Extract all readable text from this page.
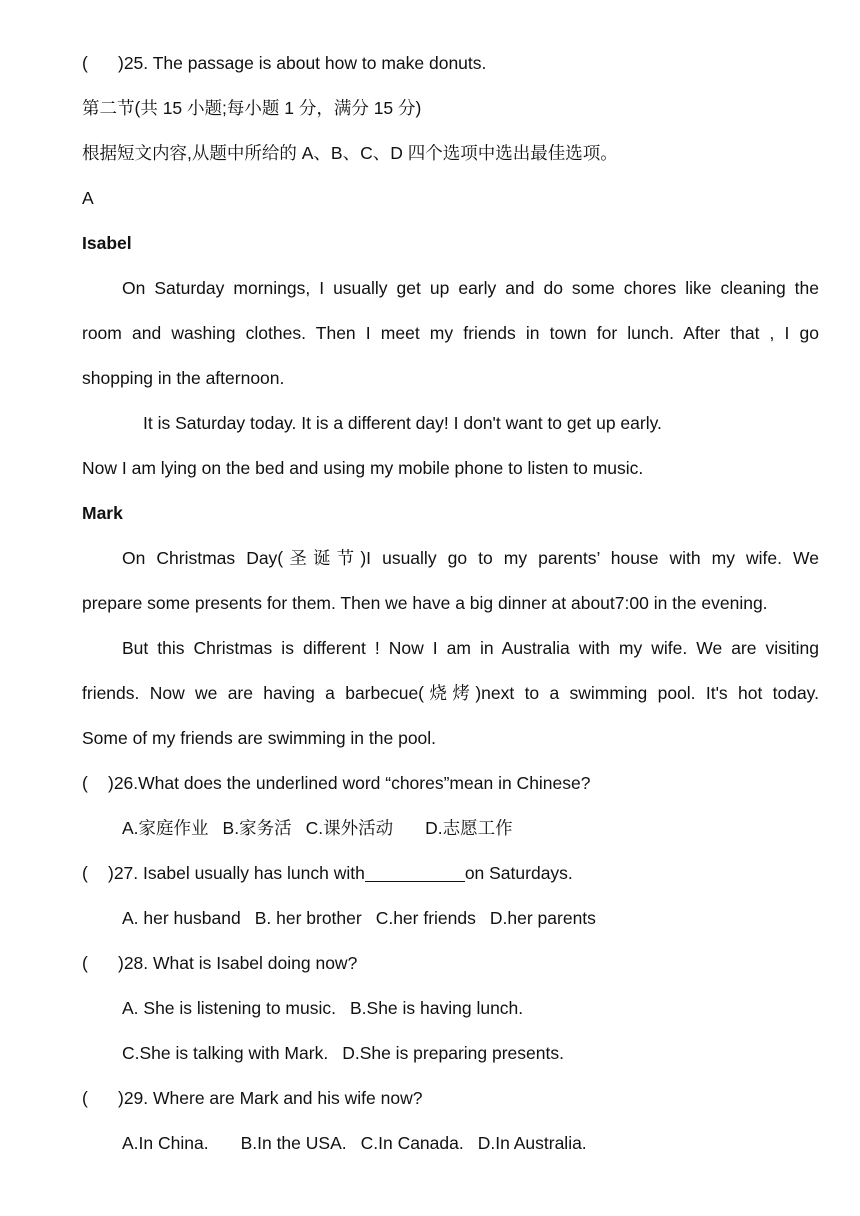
( )25. The passage is about how to make donuts.
第二节(共 15 小题;每小题 1 分，满分 15 分)
根据短文内容,从题中所给的 A、B、C、D 四个选项中选出最佳选项。
A
Isabel
On Saturday mornings, I usually get up early and do some chores like cleaning the
room and washing clothes. Then I meet my friends in town for lunch. After that , I go
shopping in the afternoon.
It is Saturday today. It is a different day! I don't want to get up early.
Now I am lying on the bed and using my mobile phone to listen to music.
Mark
On Christmas Day(圣诞节)I usually go to my parents’ house with my wife. We
prepare some presents for them. Then we have a big dinner at about7:00 in the evening.
But this Christmas is different ! Now I am in Australia with my wife. We are visiting
friends. Now we are having a barbecue(烧烤)next to a swimming pool. It's hot today.
Some of my friends are swimming in the pool.
( )26.What does the underlined word “chores”mean in Chinese?
A.家庭作业 B.家务活 C.课外活动 D.志愿工作
( )27. Isabel usually has lunch with	on Saturdays.
A. her husband B. her brother C.her friends D.her parents
( )28. What is Isabel doing now?
A. She is listening to music. B.She is having lunch.
C.She is talking with Mark. D.She is preparing presents.
( )29. Where are Mark and his wife now?
A.In China. B.In the USA. C.In Canada. D.In Australia.
